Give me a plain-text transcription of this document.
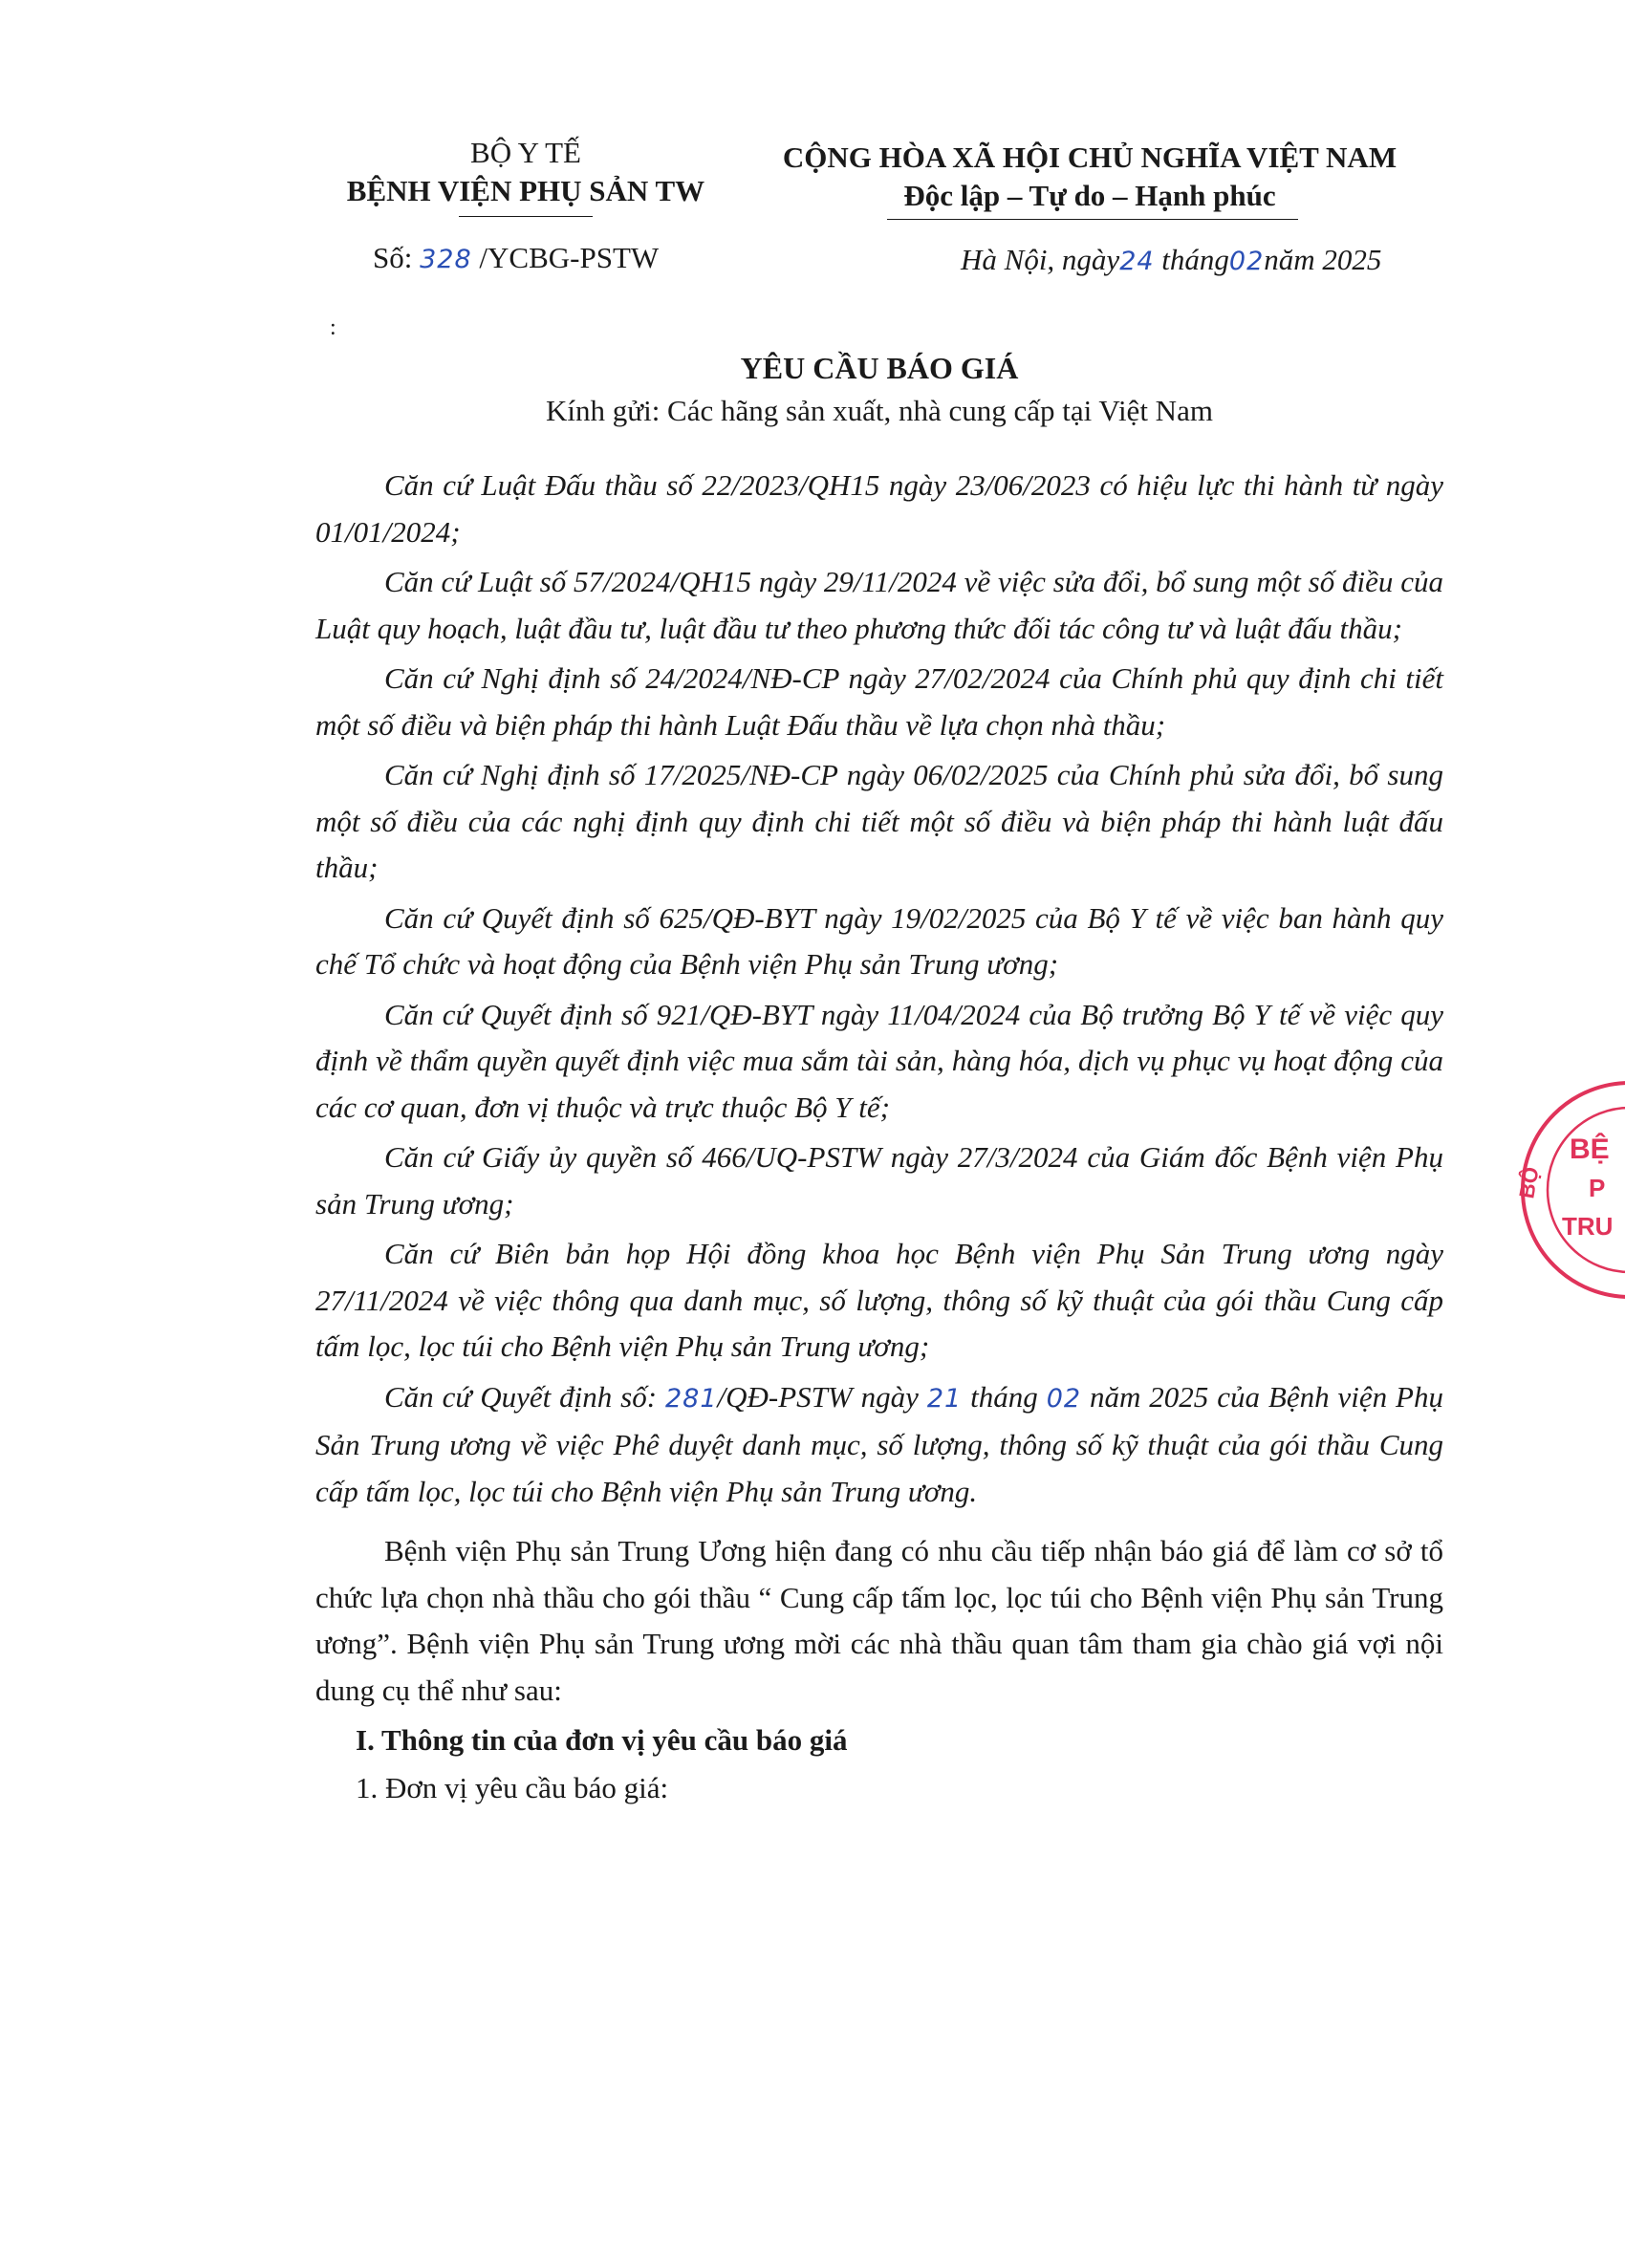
BỘ Y TẾ
BỆNH VIỆN PHỤ SẢN TW
CỘNG HÒA XÃ HỘI CHỦ NGHĨA VIỆT NAM
Độc lập – Tự do – Hạnh phúc
Số: 328 /YCBG-PSTW	Hà Nội, ngày24 tháng02năm 2025
:
YÊU CẦU BÁO GIÁ
Kính gửi: Các hãng sản xuất, nhà cung cấp tại Việt Nam

Căn cứ Luật Đấu thầu số 22/2023/QH15 ngày 23/06/2023 có hiệu lực thi hành từ ngày 01/01/2024;

Căn cứ Luật số 57/2024/QH15 ngày 29/11/2024 về việc sửa đổi, bổ sung một số điều của Luật quy hoạch, luật đầu tư, luật đầu tư theo phương thức đối tác công tư và luật đấu thầu;

Căn cứ Nghị định số 24/2024/NĐ-CP ngày 27/02/2024 của Chính phủ quy định chi tiết một số điều và biện pháp thi hành Luật Đấu thầu về lựa chọn nhà thầu;

Căn cứ Nghị định số 17/2025/NĐ-CP ngày 06/02/2025 của Chính phủ sửa đổi, bổ sung một số điều của các nghị định quy định chi tiết một số điều và biện pháp thi hành luật đấu thầu;

Căn cứ Quyết định số 625/QĐ-BYT ngày 19/02/2025 của Bộ Y tế về việc ban hành quy chế Tổ chức và hoạt động của Bệnh viện Phụ sản Trung ương;

Căn cứ Quyết định số 921/QĐ-BYT ngày 11/04/2024 của Bộ trưởng Bộ Y tế về việc quy định về thẩm quyền quyết định việc mua sắm tài sản, hàng hóa, dịch vụ phục vụ hoạt động của các cơ quan, đơn vị thuộc và trực thuộc Bộ Y tế;

Căn cứ Giấy ủy quyền số 466/UQ-PSTW ngày 27/3/2024 của Giám đốc Bệnh viện Phụ sản Trung ương;

Căn cứ Biên bản họp Hội đồng khoa học Bệnh viện Phụ Sản Trung ương ngày 27/11/2024 về việc thông qua danh mục, số lượng, thông số kỹ thuật của gói thầu Cung cấp tấm lọc, lọc túi cho Bệnh viện Phụ sản Trung ương;

Căn cứ Quyết định số: 281/QĐ-PSTW ngày 21 tháng 02 năm 2025 của Bệnh viện Phụ Sản Trung ương về việc Phê duyệt danh mục, số lượng, thông số kỹ thuật của gói thầu Cung cấp tấm lọc, lọc túi cho Bệnh viện Phụ sản Trung ương.

Bệnh viện Phụ sản Trung Ương hiện đang có nhu cầu tiếp nhận báo giá để làm cơ sở tổ chức lựa chọn nhà thầu cho gói thầu “ Cung cấp tấm lọc, lọc túi cho Bệnh viện Phụ sản Trung ương”. Bệnh viện Phụ sản Trung ương mời các nhà thầu quan tâm tham gia chào giá vợi nội dung cụ thể như sau:

I. Thông tin của đơn vị yêu cầu báo giá
1. Đơn vị yêu cầu báo giá:
BỘ
BỆ
P
TRU
